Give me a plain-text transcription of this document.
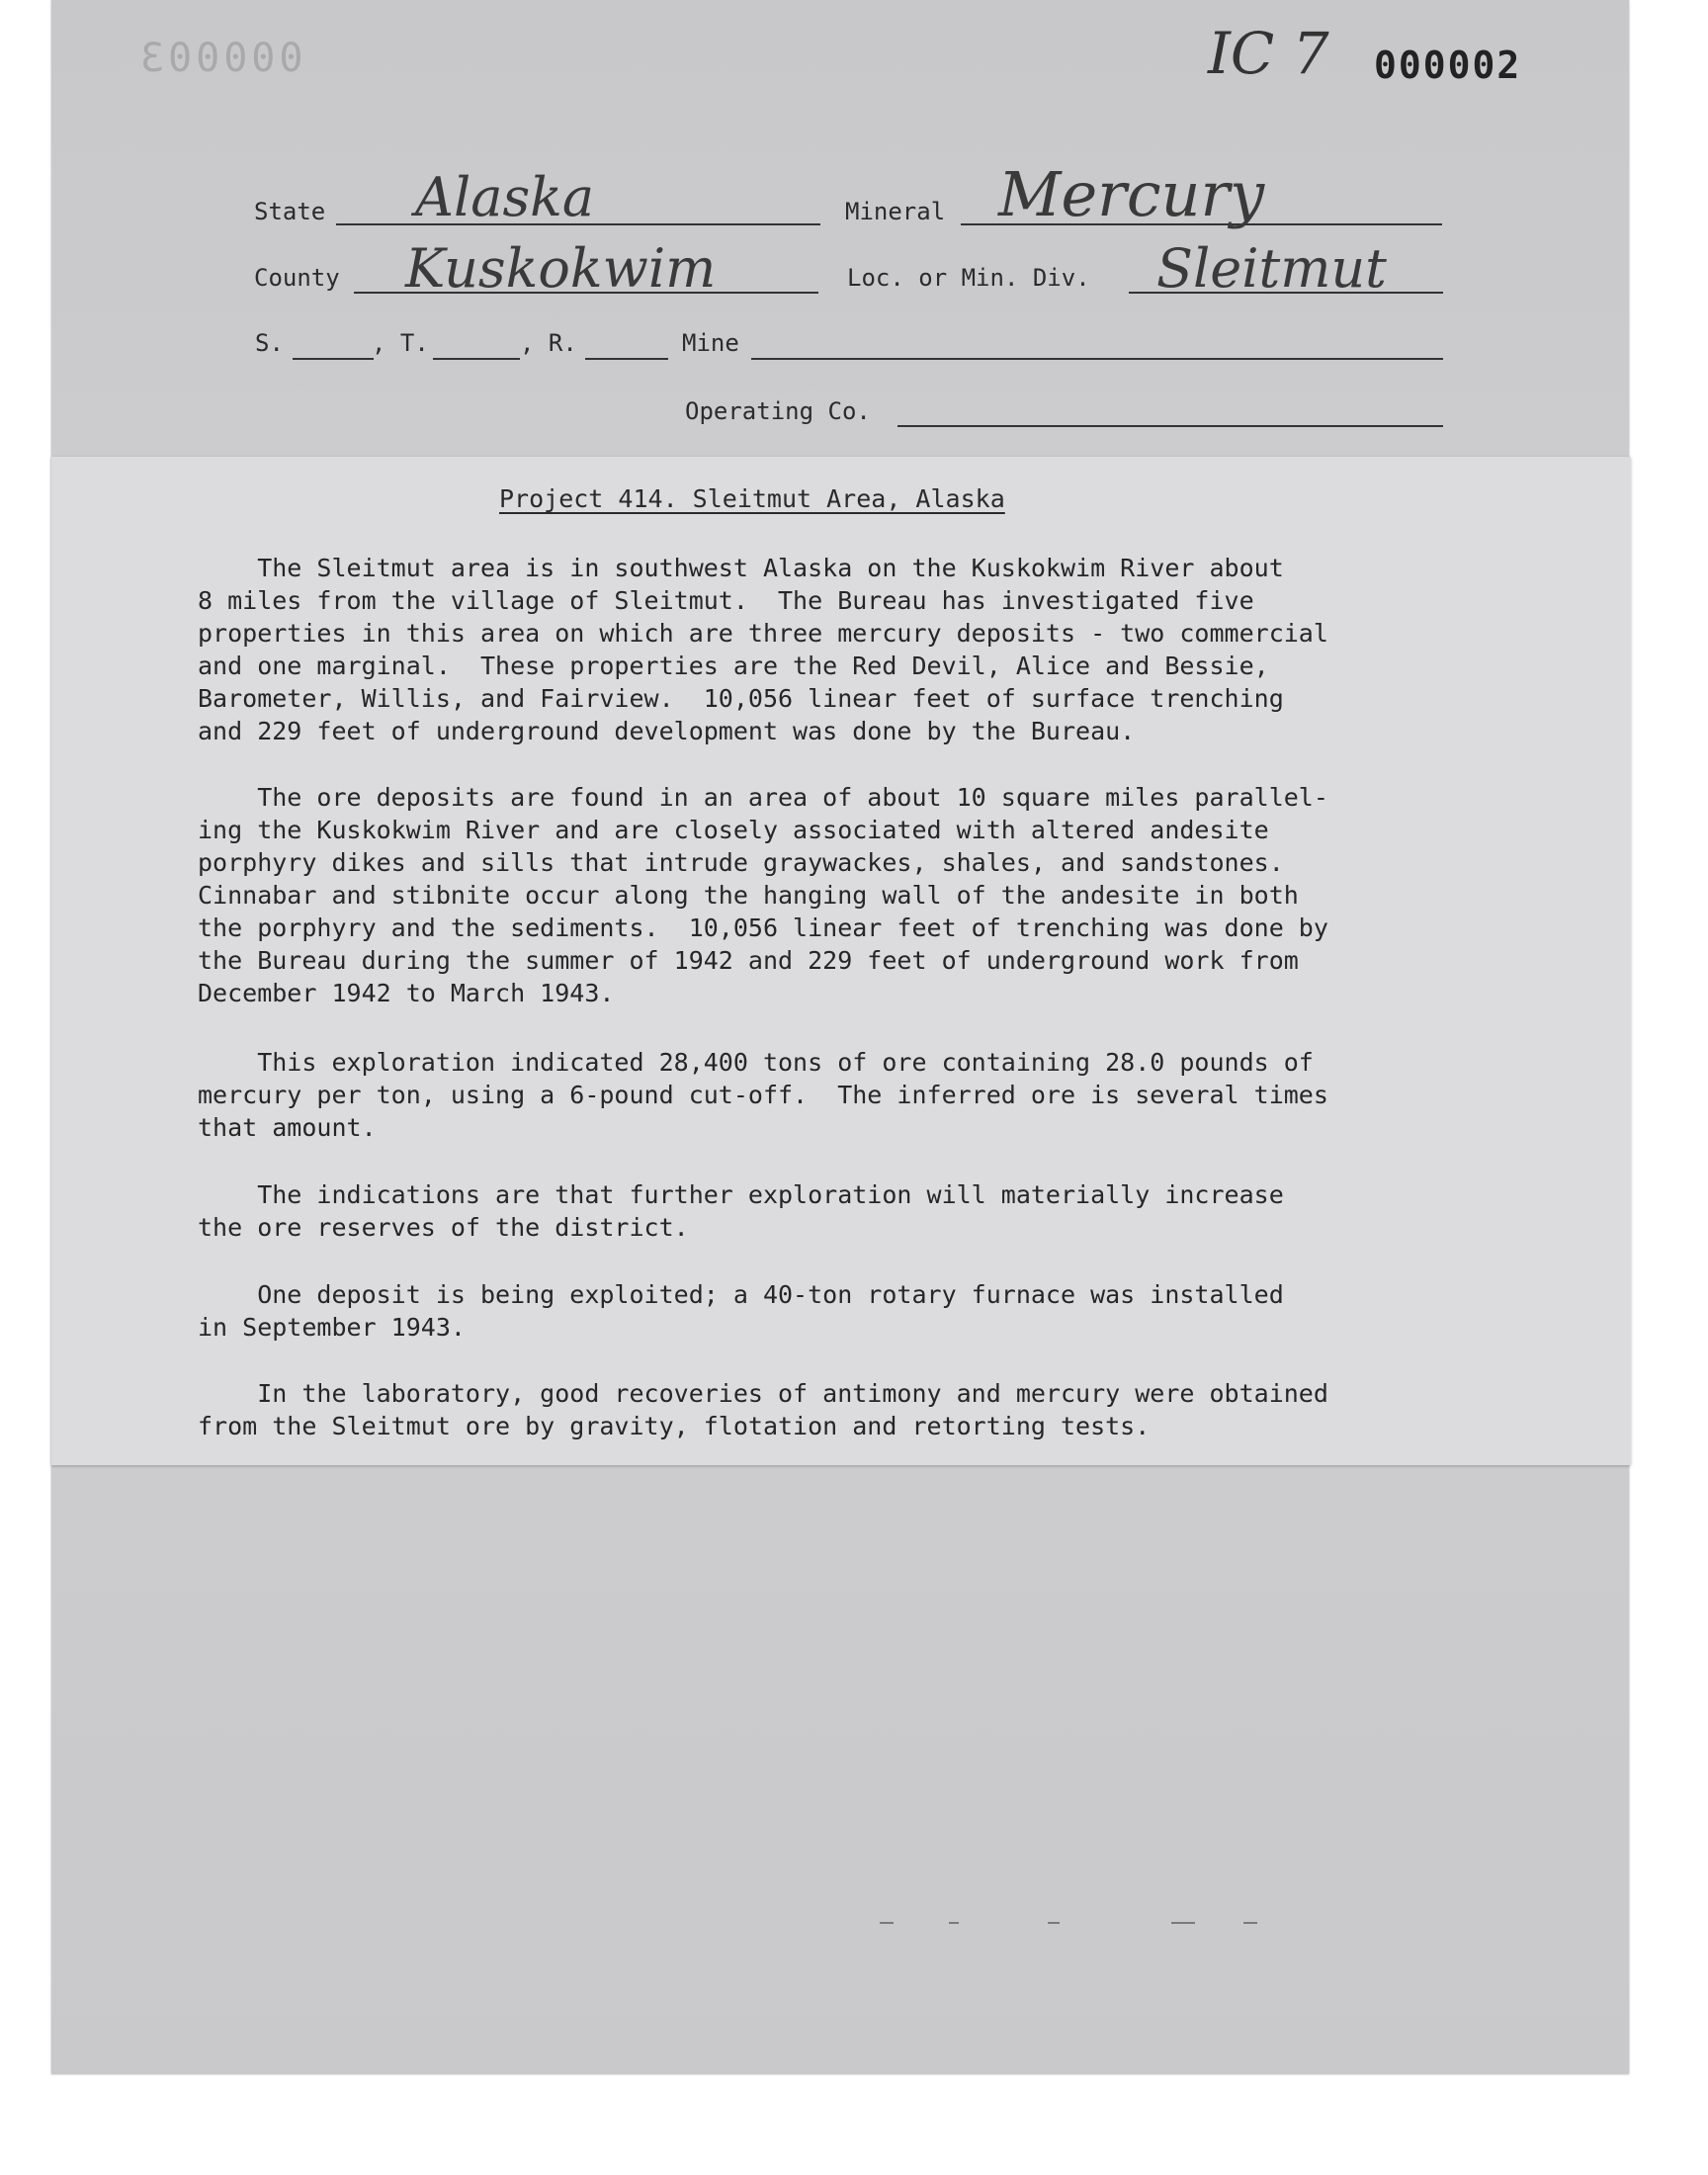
000003	IC 7 000002
State Alaska	Mineral Mercury
County Kuskokwim	Loc. or Min. Div. Sleitmut
S.	, T.	, R.	Mine
Operating Co.
Project 414. Sleitmut Area, Alaska
The Sleitmut area is in southwest Alaska on the Kuskokwim River about
8 miles from the village of Sleitmut.  The Bureau has investigated five
properties in this area on which are three mercury deposits - two commercial
and one marginal.  These properties are the Red Devil, Alice and Bessie,
Barometer, Willis, and Fairview.  10,056 linear feet of surface trenching
and 229 feet of underground development was done by the Bureau.
The ore deposits are found in an area of about 10 square miles parallel-
ing the Kuskokwim River and are closely associated with altered andesite
porphyry dikes and sills that intrude graywackes, shales, and sandstones.
Cinnabar and stibnite occur along the hanging wall of the andesite in both
the porphyry and the sediments.  10,056 linear feet of trenching was done by
the Bureau during the summer of 1942 and 229 feet of underground work from
December 1942 to March 1943.
This exploration indicated 28,400 tons of ore containing 28.0 pounds of
mercury per ton, using a 6-pound cut-off.  The inferred ore is several times
that amount.
The indications are that further exploration will materially increase
the ore reserves of the district.
One deposit is being exploited; a 40-ton rotary furnace was installed
in September 1943.
In the laboratory, good recoveries of antimony and mercury were obtained
from the Sleitmut ore by gravity, flotation and retorting tests.
